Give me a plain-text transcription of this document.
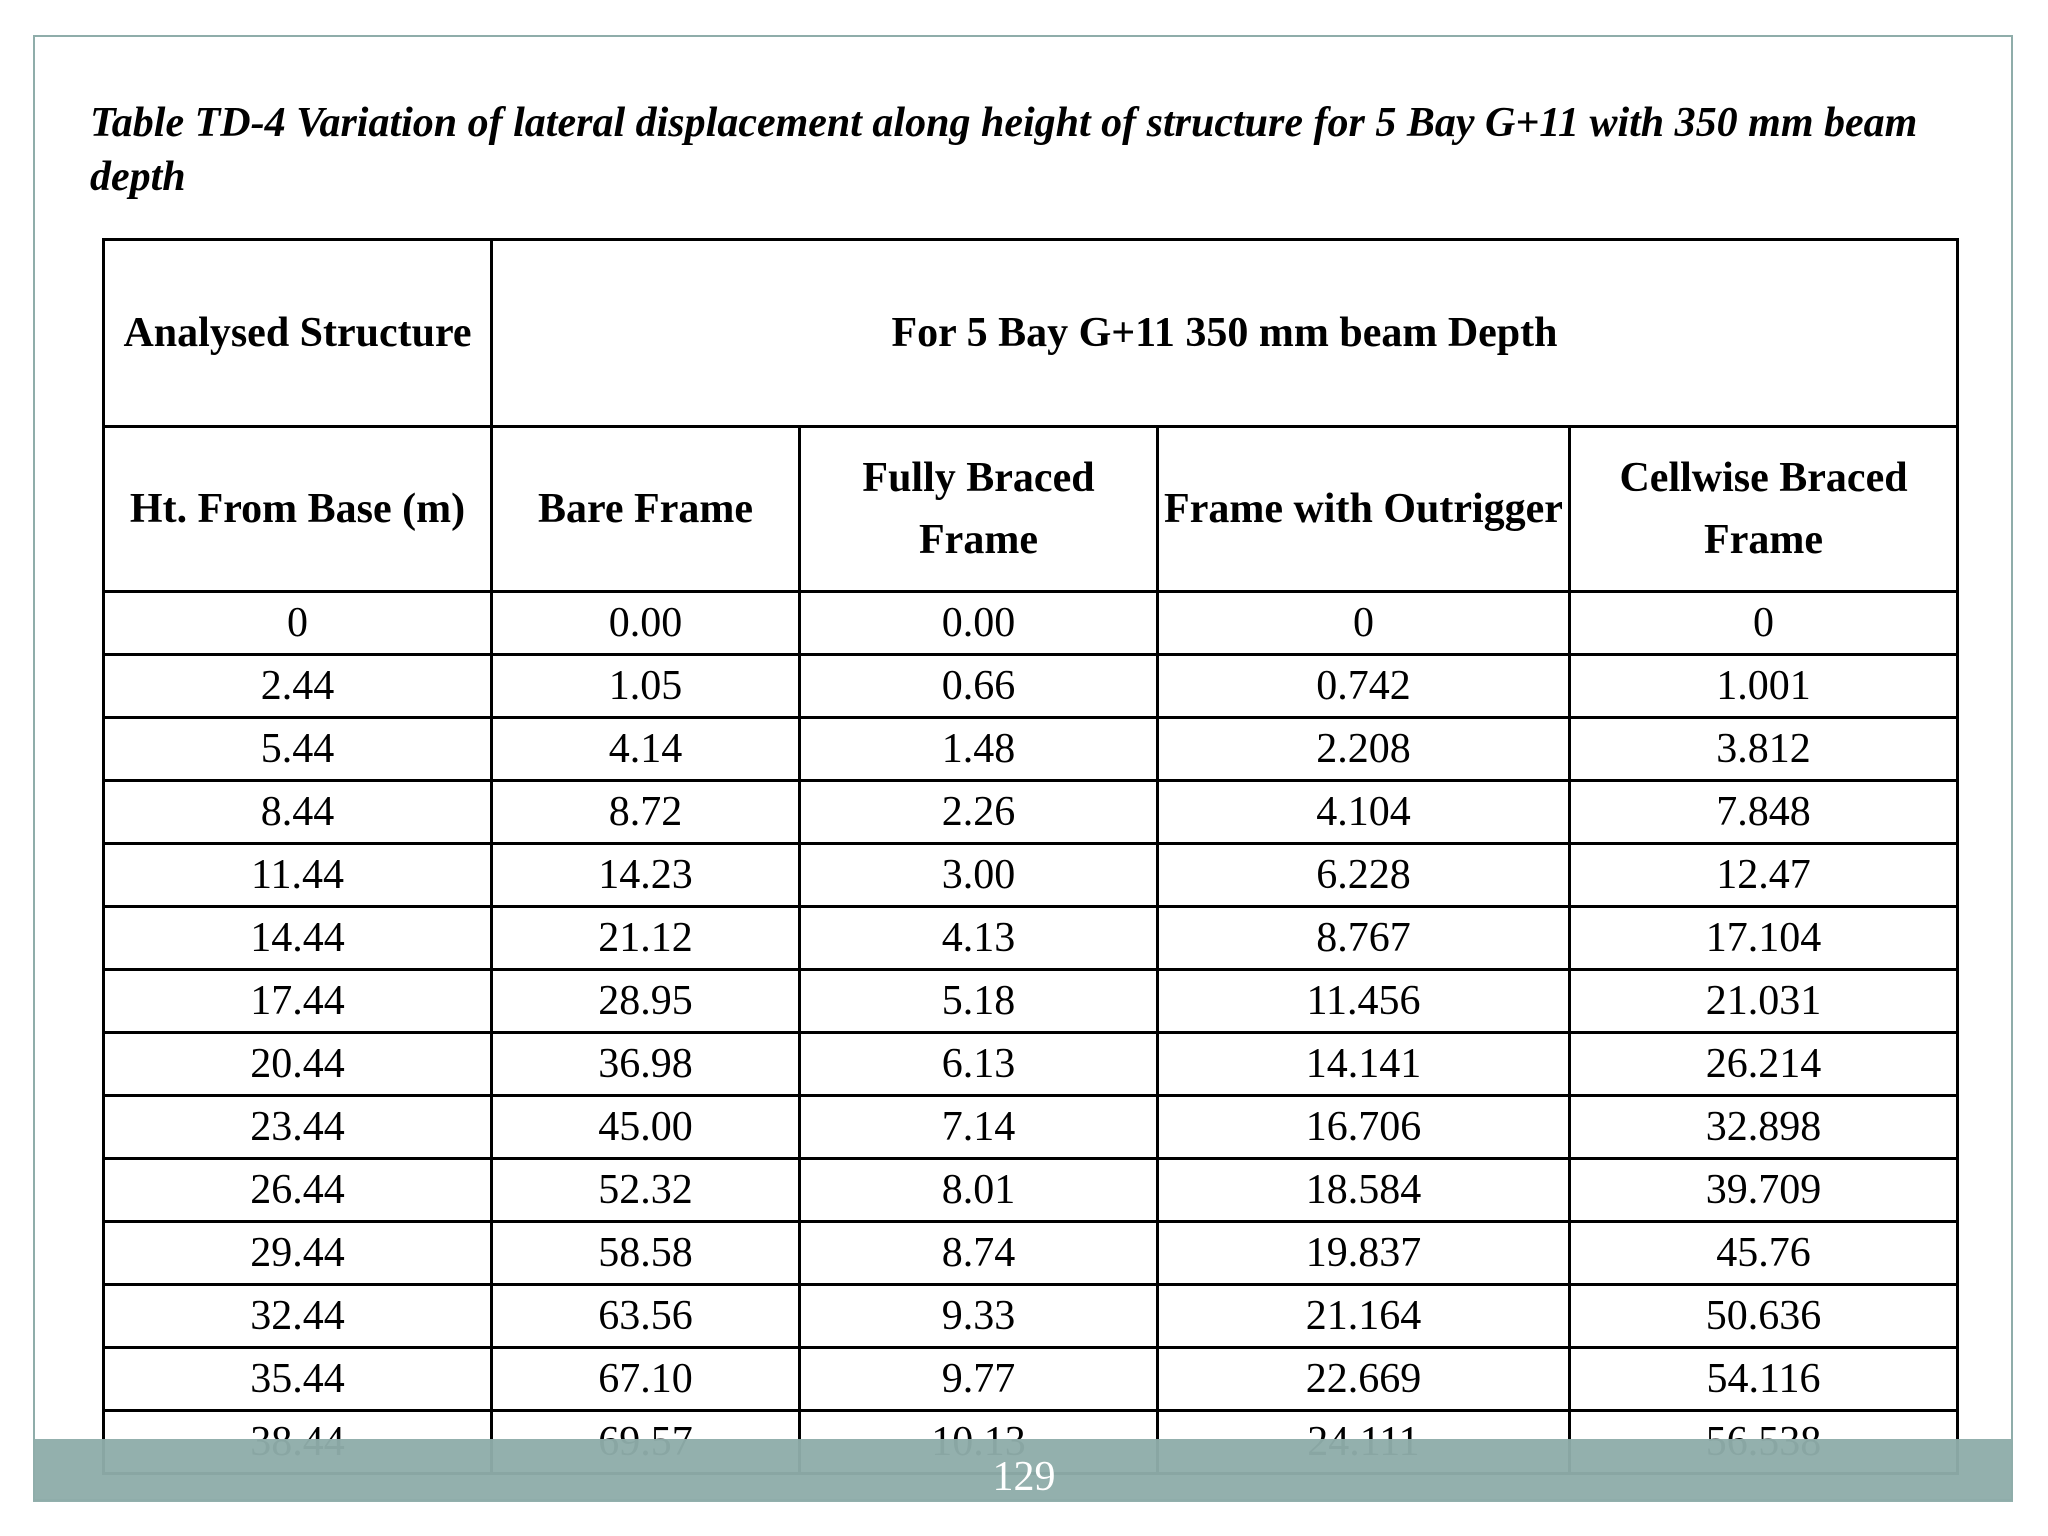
Table TD-4 Variation of lateral displacement along height of structure for 5 Bay G+11 with 350 mm beam depth
Analysed Structure	For 5 Bay G+11 350 mm beam Depth			
Ht. From Base (m)	Bare Frame	Fully Braced Frame	Frame with Outrigger	Cellwise Braced Frame
0	0.00	0.00	0	0
2.44	1.05	0.66	0.742	1.001
5.44	4.14	1.48	2.208	3.812
8.44	8.72	2.26	4.104	7.848
11.44	14.23	3.00	6.228	12.47
14.44	21.12	4.13	8.767	17.104
17.44	28.95	5.18	11.456	21.031
20.44	36.98	6.13	14.141	26.214
23.44	45.00	7.14	16.706	32.898
26.44	52.32	8.01	18.584	39.709
29.44	58.58	8.74	19.837	45.76
32.44	63.56	9.33	21.164	50.636
35.44	67.10	9.77	22.669	54.116

129
